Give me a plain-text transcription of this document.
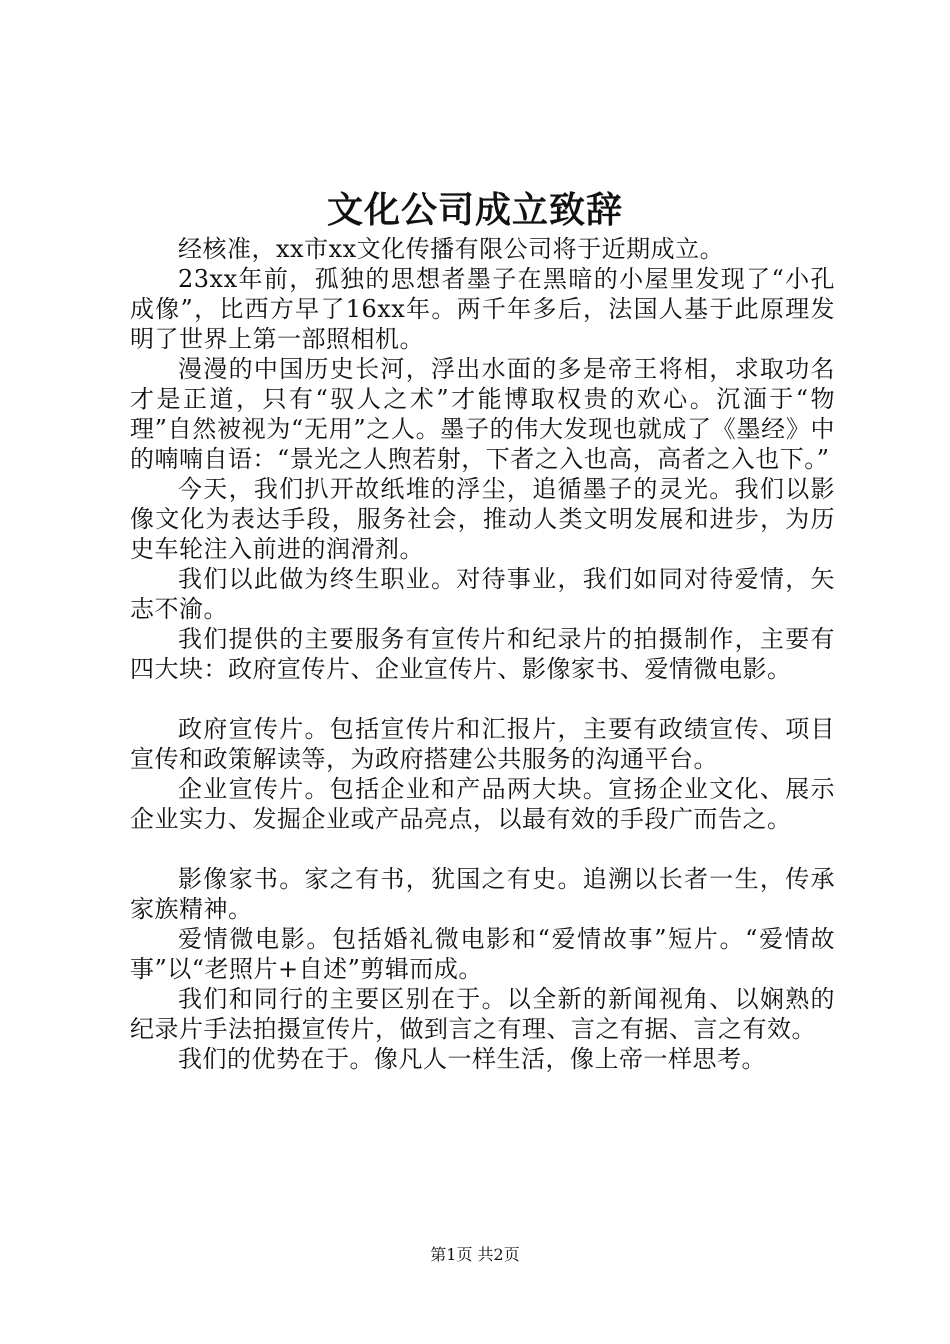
文化公司成立致辞

经核准，xx市xx文化传播有限公司将于近期成立。

23xx年前，孤独的思想者墨子在黑暗的小屋里发现了“小孔成像”，比西方早了16xx年。两千年多后，法国人基于此原理发明了世界上第一部照相机。

漫漫的中国历史长河，浮出水面的多是帝王将相，求取功名才是正道，只有“驭人之术”才能博取权贵的欢心。沉湎于“物理”自然被视为“无用”之人。墨子的伟大发现也就成了《墨经》中的喃喃自语：“景光之人煦若射，下者之入也高，高者之入也下。”

今天，我们扒开故纸堆的浮尘，追循墨子的灵光。我们以影像文化为表达手段，服务社会，推动人类文明发展和进步，为历史车轮注入前进的润滑剂。

我们以此做为终生职业。对待事业，我们如同对待爱情，矢志不渝。

我们提供的主要服务有宣传片和纪录片的拍摄制作，主要有四大块：政府宣传片、企业宣传片、影像家书、爱情微电影。

政府宣传片。包括宣传片和汇报片，主要有政绩宣传、项目宣传和政策解读等，为政府搭建公共服务的沟通平台。

企业宣传片。包括企业和产品两大块。宣扬企业文化、展示企业实力、发掘企业或产品亮点，以最有效的手段广而告之。

影像家书。家之有书，犹国之有史。追溯以长者一生，传承家族精神。

爱情微电影。包括婚礼微电影和“爱情故事”短片。“爱情故事”以“老照片+自述”剪辑而成。

我们和同行的主要区别在于。以全新的新闻视角、以娴熟的纪录片手法拍摄宣传片，做到言之有理、言之有据、言之有效。

我们的优势在于。像凡人一样生活，像上帝一样思考。

第1页 共2页
